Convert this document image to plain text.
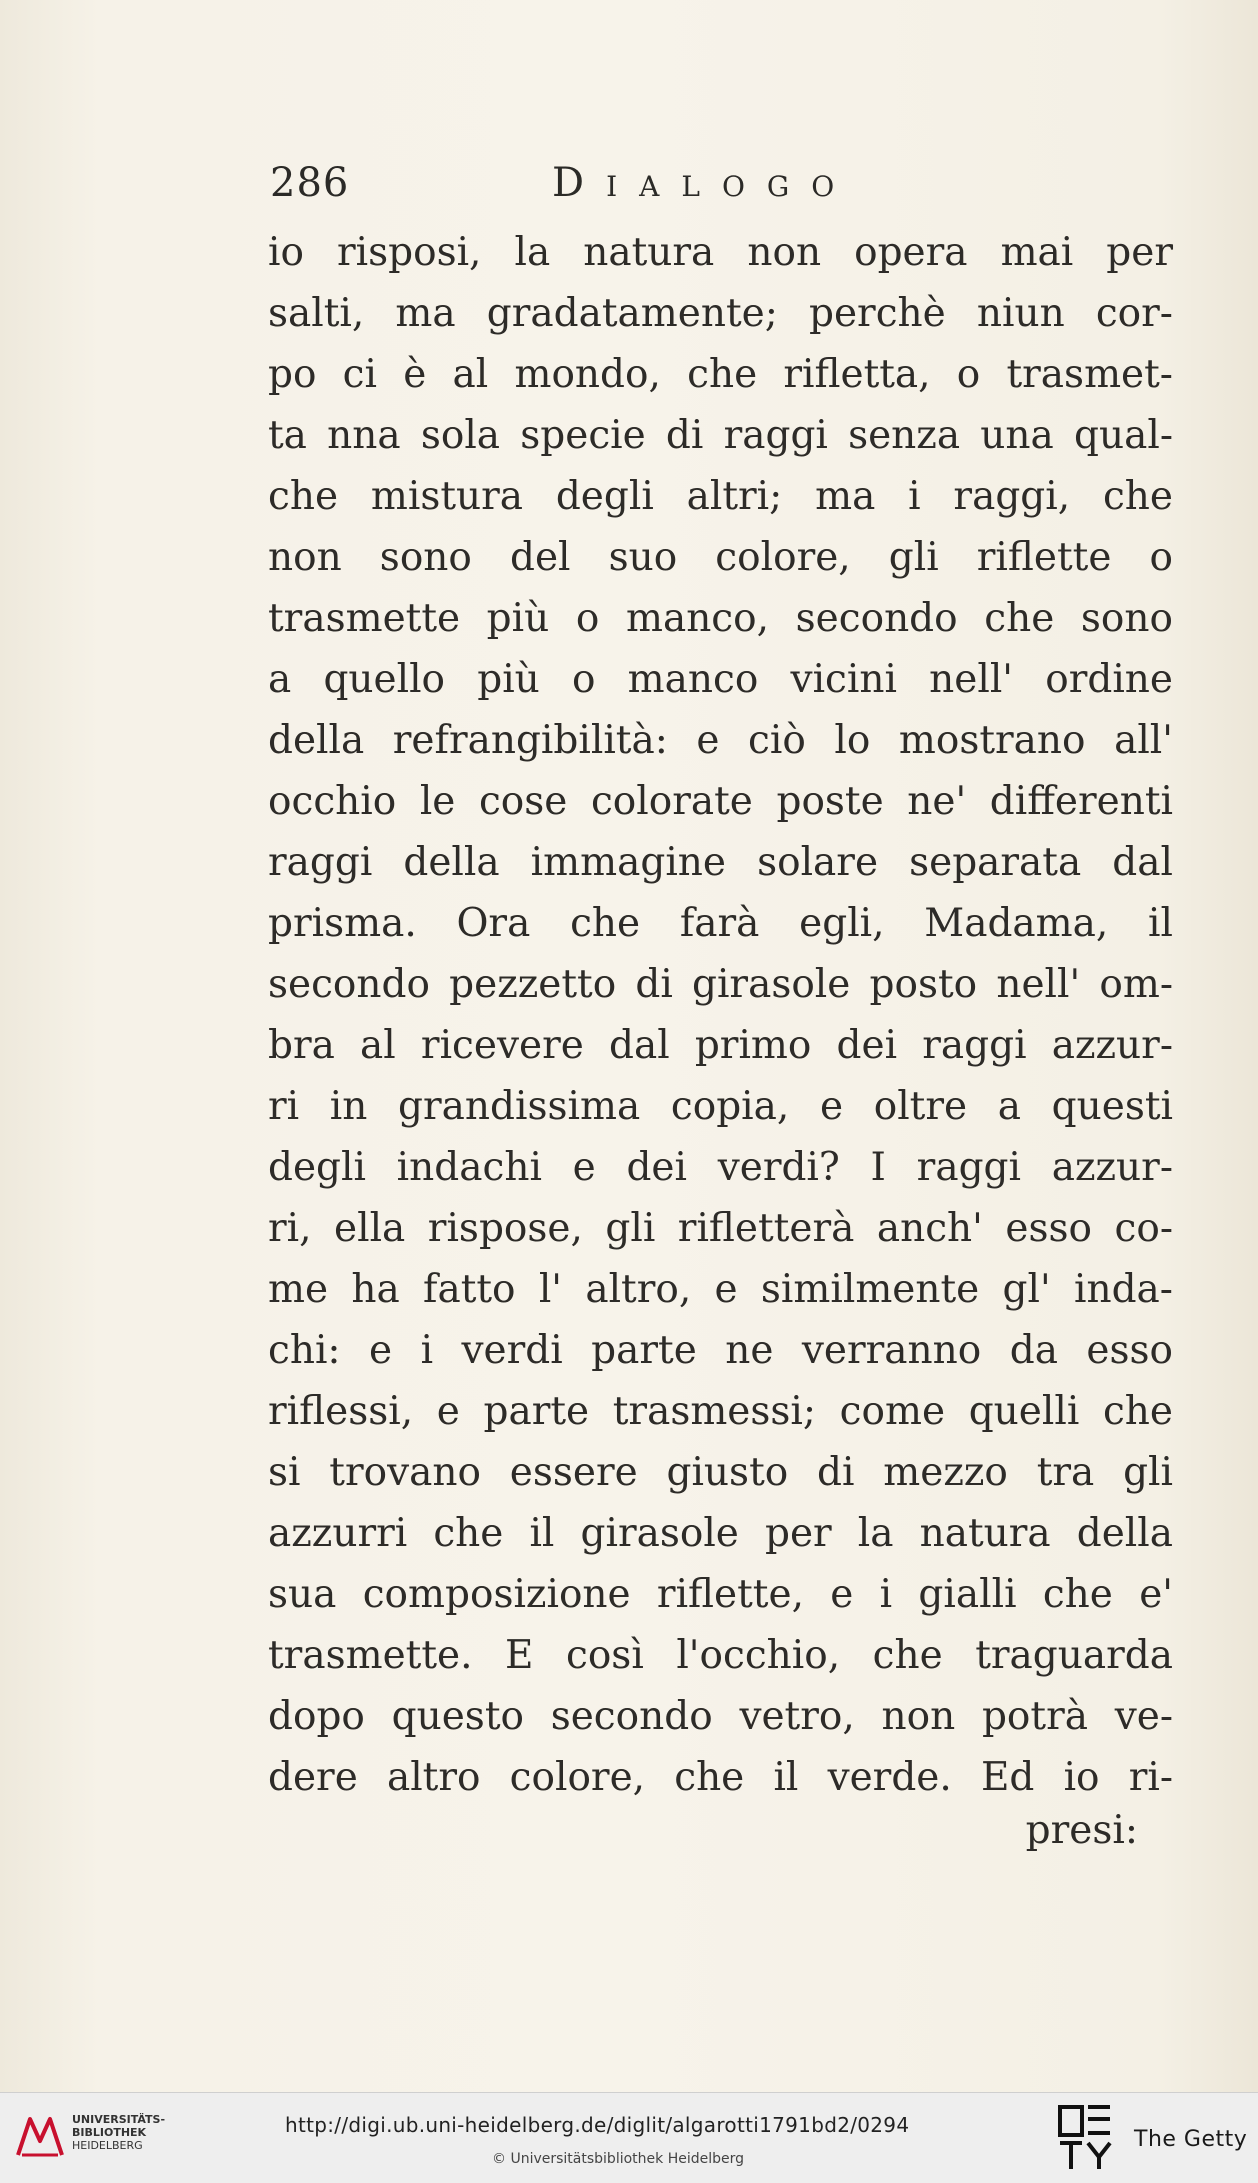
286	Dialogo
io risposi, la natura non opera mai per
salti, ma gradatamente; perchè niun cor-
po ci è al mondo, che rifletta, o trasmet-
ta nna sola specie di raggi senza una qual-
che mistura degli altri; ma i raggi, che
non sono del suo colore, gli riflette o
trasmette più o manco, secondo che sono
a quello più o manco vicini nell' ordine
della refrangibilità: e ciò lo mostrano all'
occhio le cose colorate poste ne' differenti
raggi della immagine solare separata dal
prisma. Ora che farà egli, Madama, il
secondo pezzetto di girasole posto nell' om-
bra al ricevere dal primo dei raggi azzur-
ri in grandissima copia, e oltre a questi
degli indachi e dei verdi? I raggi azzur-
ri, ella rispose, gli rifletterà anch' esso co-
me ha fatto l' altro, e similmente gl' inda-
chi: e i verdi parte ne verranno da esso
riflessi, e parte trasmessi; come quelli che
si trovano essere giusto di mezzo tra gli
azzurri che il girasole per la natura della
sua composizione riflette, e i gialli che e'
trasmette. E così l'occhio, che traguarda
dopo questo secondo vetro, non potrà ve-
dere altro colore, che il verde. Ed io ri-
presi:
UNIVERSITÄTS-
BIBLIOTHEK
HEIDELBERG
http://digi.ub.uni-heidelberg.de/diglit/algarotti1791bd2/0294
© Universitätsbibliothek Heidelberg
The Getty
